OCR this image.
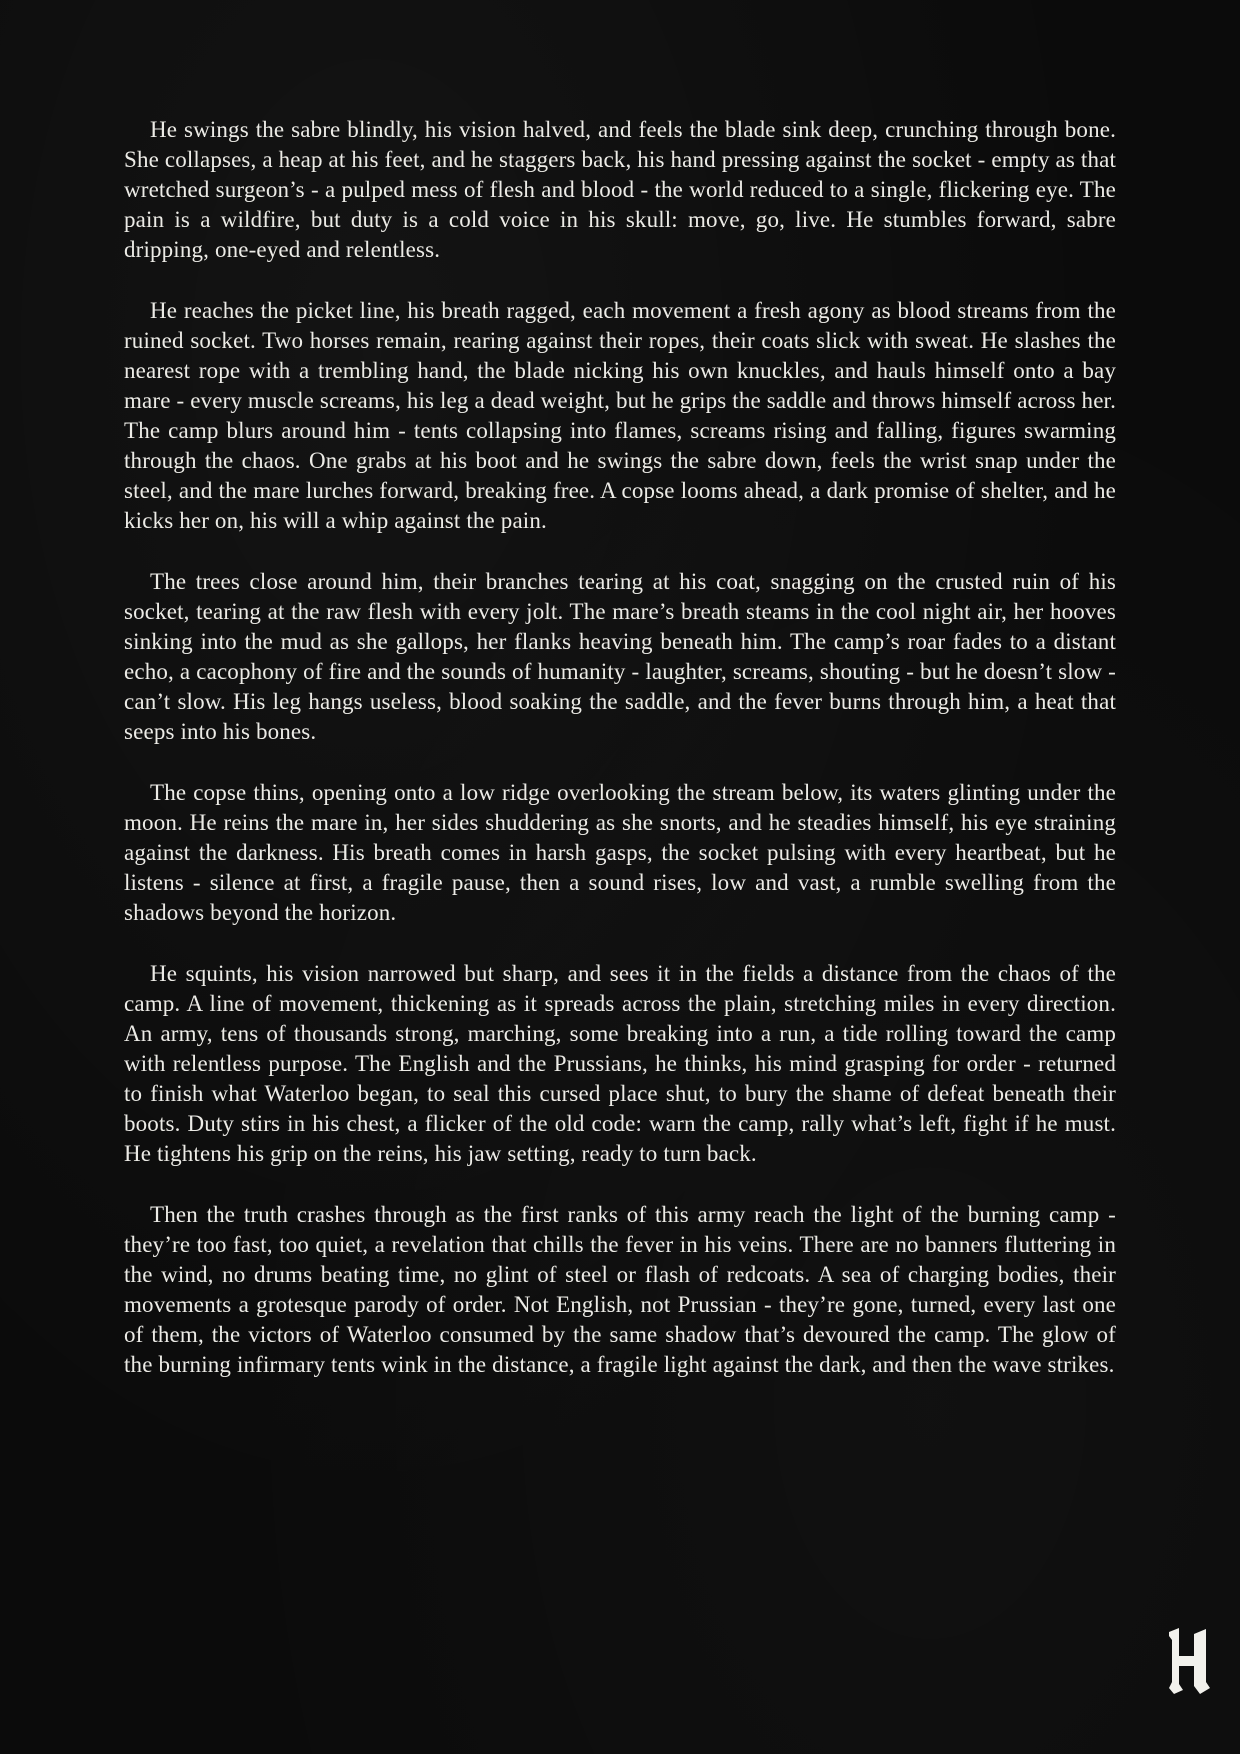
He swings the sabre blindly, his vision halved, and feels the blade sink deep, crunching through bone. She collapses, a heap at his feet, and he staggers back, his hand pressing against the socket - empty as that wretched surgeon’s - a pulped mess of flesh and blood - the world reduced to a single, flickering eye. The pain is a wildfire, but duty is a cold voice in his skull: move, go, live. He stumbles forward, sabre dripping, one-eyed and relentless.

He reaches the picket line, his breath ragged, each movement a fresh agony as blood streams from the ruined socket. Two horses remain, rearing against their ropes, their coats slick with sweat. He slashes the nearest rope with a trembling hand, the blade nicking his own knuckles, and hauls himself onto a bay mare - every muscle screams, his leg a dead weight, but he grips the saddle and throws himself across her. The camp blurs around him - tents collapsing into flames, screams rising and falling, figures swarming through the chaos. One grabs at his boot and he swings the sabre down, feels the wrist snap under the steel, and the mare lurches forward, breaking free. A copse looms ahead, a dark promise of shelter, and he kicks her on, his will a whip against the pain.

The trees close around him, their branches tearing at his coat, snagging on the crusted ruin of his socket, tearing at the raw flesh with every jolt. The mare’s breath steams in the cool night air, her hooves sinking into the mud as she gallops, her flanks heaving beneath him. The camp’s roar fades to a distant echo, a cacophony of fire and the sounds of humanity - laughter, screams, shouting - but he doesn’t slow - can’t slow. His leg hangs useless, blood soaking the saddle, and the fever burns through him, a heat that seeps into his bones.

The copse thins, opening onto a low ridge overlooking the stream below, its waters glinting under the moon. He reins the mare in, her sides shuddering as she snorts, and he steadies himself, his eye straining against the darkness. His breath comes in harsh gasps, the socket pulsing with every heartbeat, but he listens - silence at first, a fragile pause, then a sound rises, low and vast, a rumble swelling from the shadows beyond the horizon.

He squints, his vision narrowed but sharp, and sees it in the fields a distance from the chaos of the camp. A line of movement, thickening as it spreads across the plain, stretching miles in every direction. An army, tens of thousands strong, marching, some breaking into a run, a tide rolling toward the camp with relentless purpose. The English and the Prussians, he thinks, his mind grasping for order - returned to finish what Waterloo began, to seal this cursed place shut, to bury the shame of defeat beneath their boots. Duty stirs in his chest, a flicker of the old code: warn the camp, rally what’s left, fight if he must. He tightens his grip on the reins, his jaw setting, ready to turn back.

Then the truth crashes through as the first ranks of this army reach the light of the burning camp - they’re too fast, too quiet, a revelation that chills the fever in his veins. There are no banners fluttering in the wind, no drums beating time, no glint of steel or flash of redcoats. A sea of charging bodies, their movements a grotesque parody of order. Not English, not Prussian - they’re gone, turned, every last one of them, the victors of Waterloo consumed by the same shadow that’s devoured the camp. The glow of the burning infirmary tents wink in the distance, a fragile light against the dark, and then the wave strikes.
